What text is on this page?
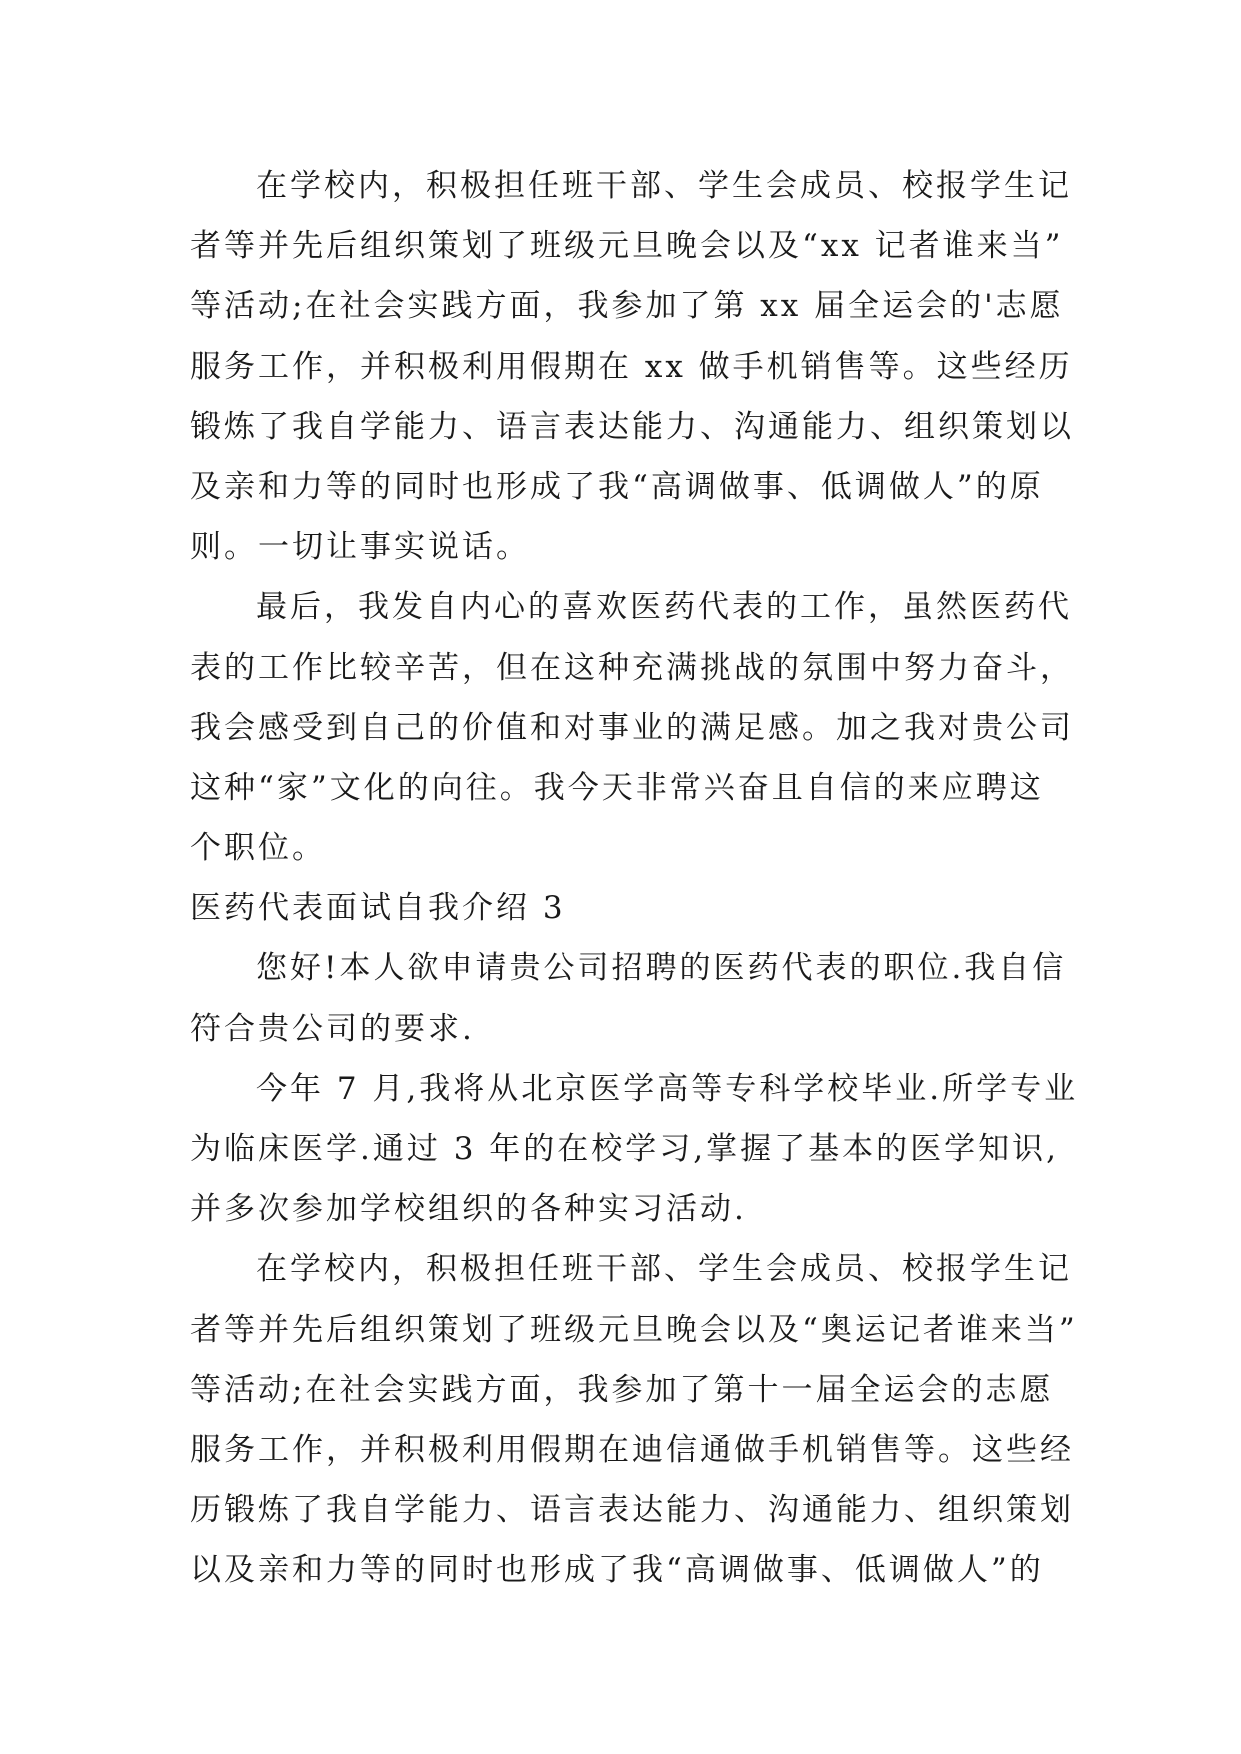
在学校内，积极担任班干部、学生会成员、校报学生记
者等并先后组织策划了班级元旦晚会以及“xx 记者谁来当”
等活动;在社会实践方面，我参加了第 xx 届全运会的'志愿
服务工作，并积极利用假期在 xx 做手机销售等。这些经历
锻炼了我自学能力、语言表达能力、沟通能力、组织策划以
及亲和力等的同时也形成了我“高调做事、低调做人”的原
则。一切让事实说话。
最后，我发自内心的喜欢医药代表的工作，虽然医药代
表的工作比较辛苦，但在这种充满挑战的氛围中努力奋斗，
我会感受到自己的价值和对事业的满足感。加之我对贵公司
这种“家”文化的向往。我今天非常兴奋且自信的来应聘这
个职位。
医药代表面试自我介绍 3
您好!本人欲申请贵公司招聘的医药代表的职位.我自信
符合贵公司的要求.
今年 7 月,我将从北京医学高等专科学校毕业.所学专业
为临床医学.通过 3 年的在校学习,掌握了基本的医学知识,
并多次参加学校组织的各种实习活动.
在学校内，积极担任班干部、学生会成员、校报学生记
者等并先后组织策划了班级元旦晚会以及“奥运记者谁来当”
等活动;在社会实践方面，我参加了第十一届全运会的志愿
服务工作，并积极利用假期在迪信通做手机销售等。这些经
历锻炼了我自学能力、语言表达能力、沟通能力、组织策划
以及亲和力等的同时也形成了我“高调做事、低调做人”的
